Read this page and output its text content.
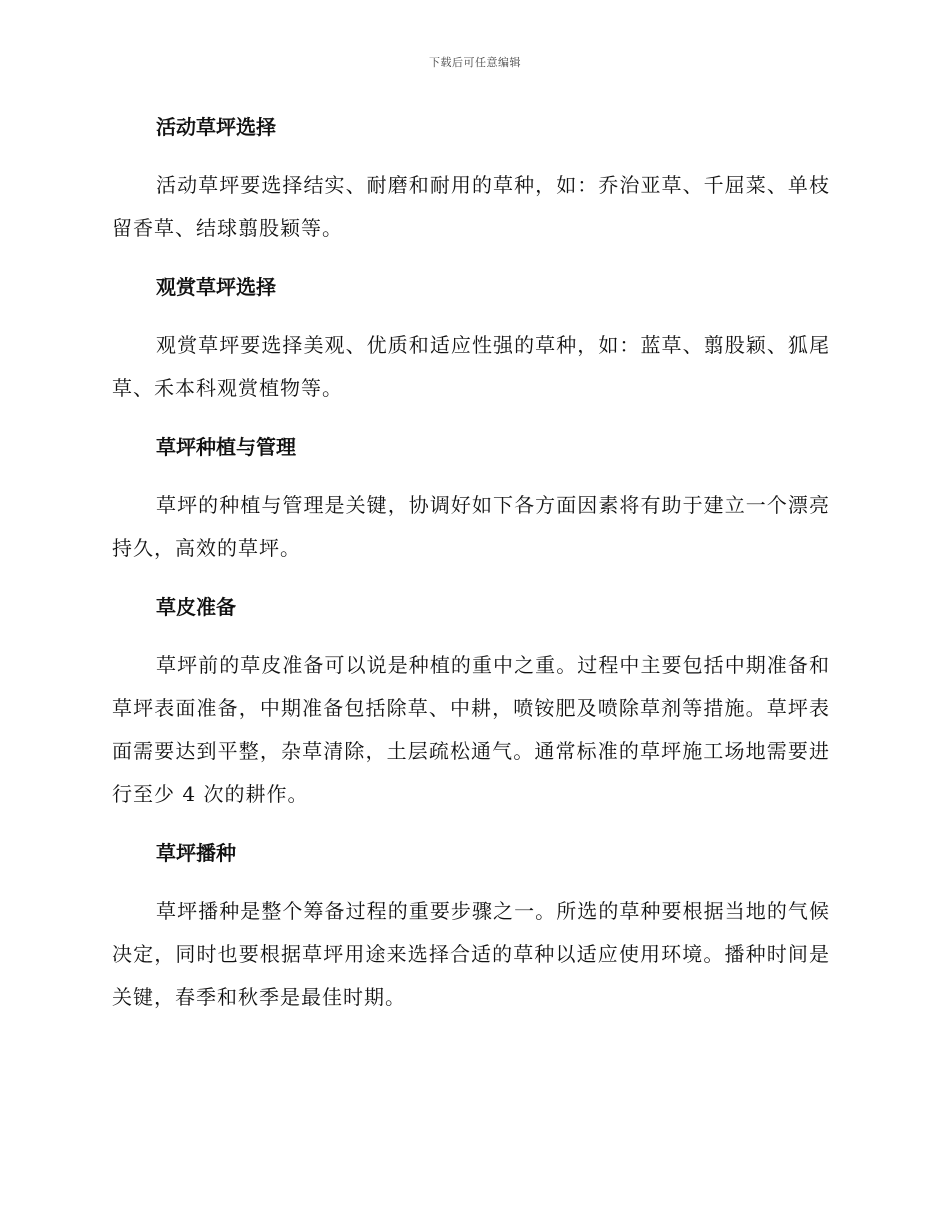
下载后可任意编辑
活动草坪选择

活动草坪要选择结实、耐磨和耐用的草种，如：乔治亚草、千屈菜、单枝留香草、结球翦股颖等。

观赏草坪选择

观赏草坪要选择美观、优质和适应性强的草种，如：蓝草、翦股颖、狐尾草、禾本科观赏植物等。

草坪种植与管理

草坪的种植与管理是关键，协调好如下各方面因素将有助于建立一个漂亮持久，高效的草坪。

草皮准备

草坪前的草皮准备可以说是种植的重中之重。过程中主要包括中期准备和草坪表面准备，中期准备包括除草、中耕，喷铵肥及喷除草剂等措施。草坪表面需要达到平整，杂草清除，土层疏松通气。通常标准的草坪施工场地需要进行至少 4 次的耕作。

草坪播种

草坪播种是整个筹备过程的重要步骤之一。所选的草种要根据当地的气候决定，同时也要根据草坪用途来选择合适的草种以适应使用环境。播种时间是关键，春季和秋季是最佳时期。
